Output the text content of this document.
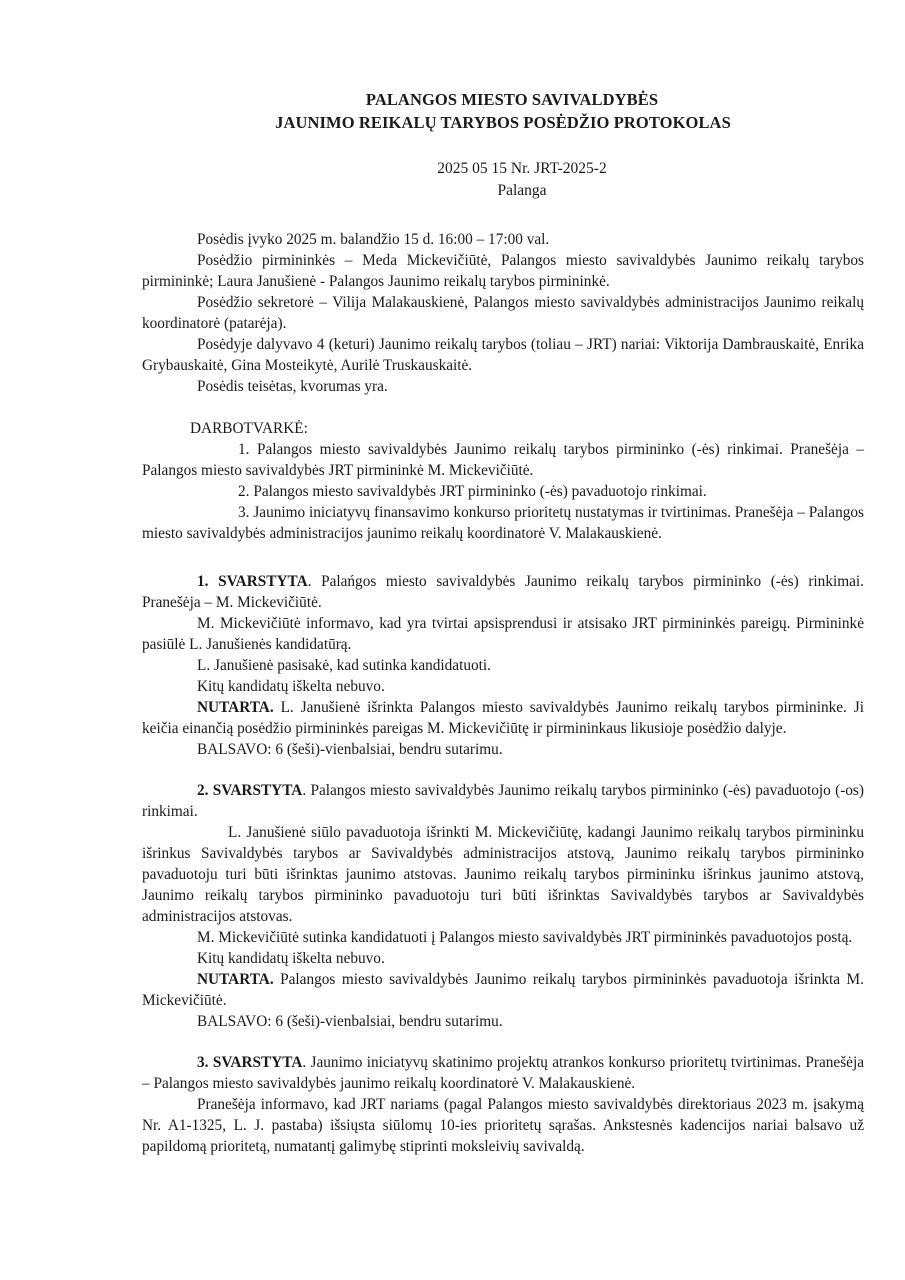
PALANGOS MIESTO SAVIVALDYBĖS
JAUNIMO REIKALŲ TARYBOS POSĖDŽIO PROTOKOLAS
2025 05 15 Nr. JRT-2025-2
Palanga

Posėdis įvyko 2025 m. balandžio 15 d. 16:00 – 17:00 val.

Posėdžio pirmininkės – Meda Mickevičiūtė, Palangos miesto savivaldybės Jaunimo reikalų tarybos pirmininkė; Laura Janušienė - Palangos Jaunimo reikalų tarybos pirmininkė.

Posėdžio sekretorė – Vilija Malakauskienė, Palangos miesto savivaldybės administracijos Jaunimo reikalų koordinatorė (patarėja).

Posėdyje dalyvavo 4 (keturi) Jaunimo reikalų tarybos (toliau – JRT) nariai: Viktorija Dambrauskaitė, Enrika Grybauskaitė, Gina Mosteikytė, Aurilė Truskauskaitė.

Posėdis teisėtas, kvorumas yra.

DARBOTVARKĖ:

1. Palangos miesto savivaldybės Jaunimo reikalų tarybos pirmininko (-ės) rinkimai. Pranešėja – Palangos miesto savivaldybės JRT pirmininkė M. Mickevičiūtė.

2. Palangos miesto savivaldybės JRT pirmininko (-ės) pavaduotojo rinkimai.

3. Jaunimo iniciatyvų finansavimo konkurso prioritetų nustatymas ir tvirtinimas. Pranešėja – Palangos miesto savivaldybės administracijos jaunimo reikalų koordinatorė V. Malakauskienė.

1. SVARSTYTA. Palańgos miesto savivaldybės Jaunimo reikalų tarybos pirmininko (-ės) rinkimai. Pranešėja – M. Mickevičiūtė.

M. Mickevičiūtė informavo, kad yra tvirtai apsisprendusi ir atsisako JRT pirmininkės pareigų. Pirmininkė pasiūlė L. Janušienės kandidatūrą.

L. Janušienė pasisakė, kad sutinka kandidatuoti.

Kitų kandidatų iškelta nebuvo.

NUTARTA. L. Janušienė išrinkta Palangos miesto savivaldybės Jaunimo reikalų tarybos pirmininke. Ji keičia einančią posėdžio pirmininkės pareigas M. Mickevičiūtę ir pirmininkaus likusioje posėdžio dalyje.

BALSAVO: 6 (šeši)-vienbalsiai, bendru sutarimu.

2. SVARSTYTA. Palangos miesto savivaldybės Jaunimo reikalų tarybos pirmininko (-ės) pavaduotojo (-os) rinkimai.

L. Janušienė siūlo pavaduotoja išrinkti M. Mickevičiūtę, kadangi Jaunimo reikalų tarybos pirmininku išrinkus Savivaldybės tarybos ar Savivaldybės administracijos atstovą, Jaunimo reikalų tarybos pirmininko pavaduotoju turi būti išrinktas jaunimo atstovas. Jaunimo reikalų tarybos pirmininku išrinkus jaunimo atstovą, Jaunimo reikalų tarybos pirmininko pavaduotoju turi būti išrinktas Savivaldybės tarybos ar Savivaldybės administracijos atstovas.

M. Mickevičiūtė sutinka kandidatuoti į Palangos miesto savivaldybės JRT pirmininkės pavaduotojos postą.

Kitų kandidatų iškelta nebuvo.

NUTARTA. Palangos miesto savivaldybės Jaunimo reikalų tarybos pirmininkės pavaduotoja išrinkta M. Mickevičiūtė.

BALSAVO: 6 (šeši)-vienbalsiai, bendru sutarimu.

3. SVARSTYTA. Jaunimo iniciatyvų skatinimo projektų atrankos konkurso prioritetų tvirtinimas. Pranešėja – Palangos miesto savivaldybės jaunimo reikalų koordinatorė V. Malakauskienė.

Pranešėja informavo, kad JRT nariams (pagal Palangos miesto savivaldybės direktoriaus 2023 m. įsakymą Nr. A1-1325, L. J. pastaba) išsiųsta siūlomų 10-ies prioritetų sąrašas. Ankstesnės kadencijos nariai balsavo už papildomą prioritetą, numatantį galimybę stiprinti moksleivių savivaldą.
